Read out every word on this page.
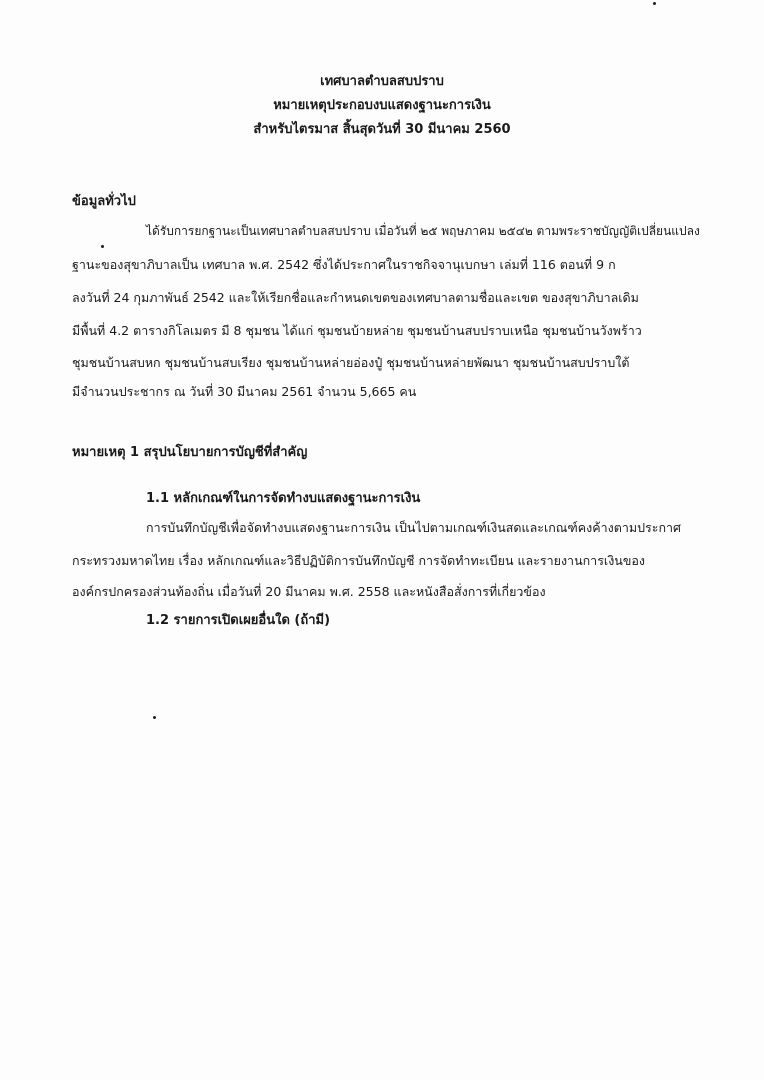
เทศบาลตำบลสบปราบ

หมายเหตุประกอบงบแสดงฐานะการเงิน

สำหรับไตรมาส สิ้นสุดวันที่ 30 มีนาคม 2560

ข้อมูลทั่วไป
ได้รับการยกฐานะเป็นเทศบาลตำบลสบปราบ เมื่อวันที่ ๒๕ พฤษภาคม ๒๕๔๒ ตามพระราชบัญญัติเปลี่ยนแปลง
ฐานะของสุขาภิบาลเป็น เทศบาล พ.ศ. 2542 ซึ่งได้ประกาศในราชกิจจานุเบกษา เล่มที่ 116 ตอนที่ 9 ก
ลงวันที่ 24 กุมภาพันธ์ 2542 และให้เรียกชื่อและกำหนดเขตของเทศบาลตามชื่อและเขต ของสุขาภิบาลเดิม
มีพื้นที่ 4.2 ตารางกิโลเมตร มี 8 ชุมชน ได้แก่ ชุมชนบ้ายหล่าย ชุมชนบ้านสบปราบเหนือ ชุมชนบ้านวังพร้าว
ชุมชนบ้านสบหก ชุมชนบ้านสบเรียง ชุมชนบ้านหล่ายอ่องปู๋ ชุมชนบ้านหล่ายพัฒนา ชุมชนบ้านสบปราบใต้
มีจำนวนประชากร ณ วันที่ 30 มีนาคม 2561 จำนวน 5,665 คน
หมายเหตุ 1 สรุปนโยบายการบัญชีที่สำคัญ
1.1 หลักเกณฑ์ในการจัดทำงบแสดงฐานะการเงิน
การบันทึกบัญชีเพื่อจัดทำงบแสดงฐานะการเงิน เป็นไปตามเกณฑ์เงินสดและเกณฑ์คงค้างตามประกาศ
กระทรวงมหาดไทย เรื่อง หลักเกณฑ์และวิธีปฏิบัติการบันทึกบัญชี การจัดทำทะเบียน และรายงานการเงินของ
องค์กรปกครองส่วนท้องถิ่น เมื่อวันที่ 20 มีนาคม พ.ศ. 2558 และหนังสือสั่งการที่เกี่ยวข้อง
1.2 รายการเปิดเผยอื่นใด (ถ้ามี)
